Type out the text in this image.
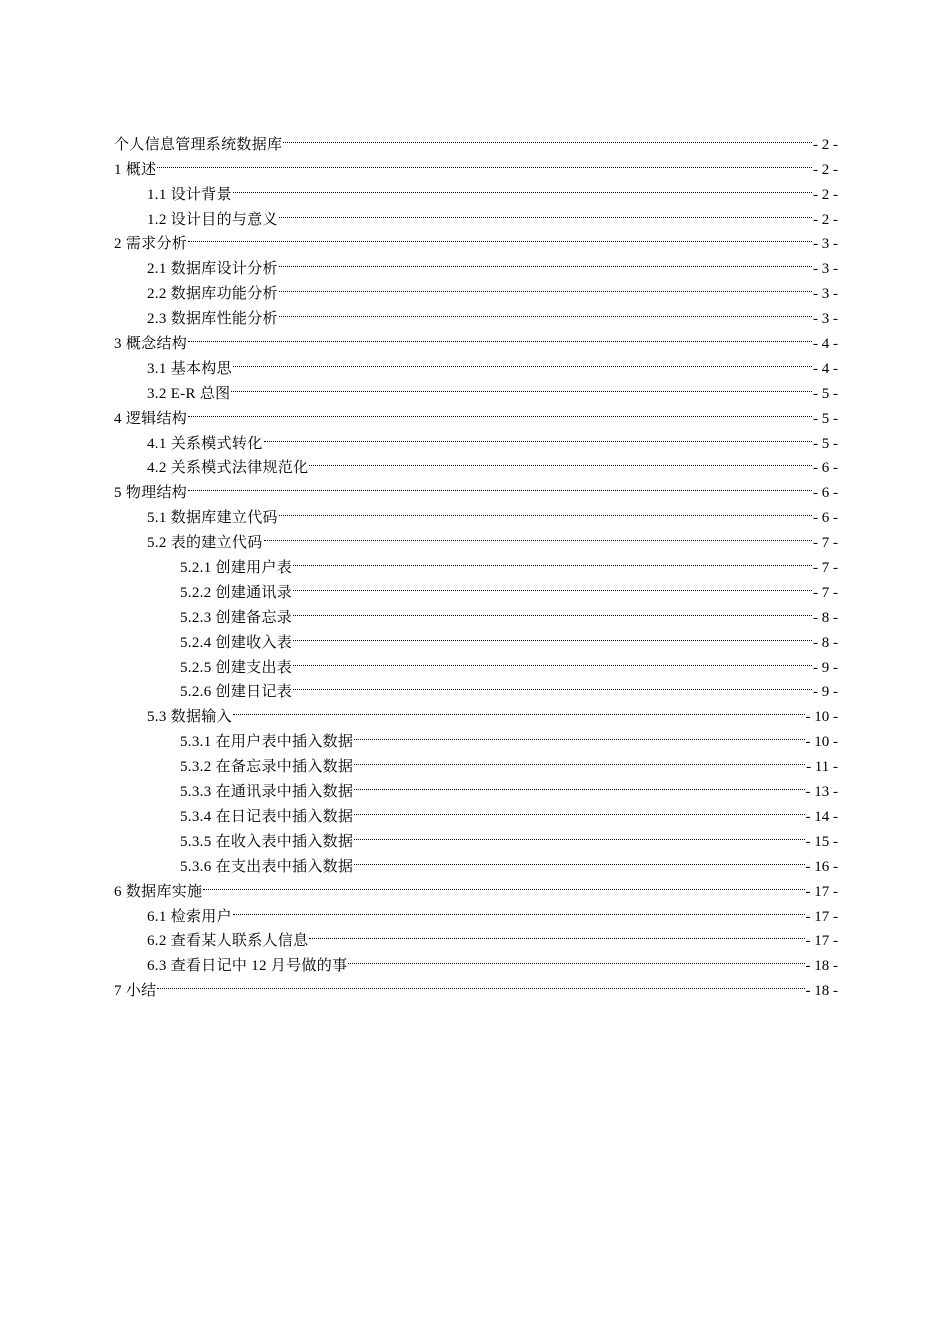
个人信息管理系统数据库	- 2 -
1 概述	- 2 -
1.1 设计背景	- 2 -
1.2 设计目的与意义	- 2 -
2 需求分析	- 3 -
2.1 数据库设计分析	- 3 -
2.2 数据库功能分析	- 3 -
2.3 数据库性能分析	- 3 -
3 概念结构	- 4 -
3.1 基本构思	- 4 -
3.2 E-R 总图	- 5 -
4 逻辑结构	- 5 -
4.1 关系模式转化	- 5 -
4.2 关系模式法律规范化	- 6 -
5 物理结构	- 6 -
5.1 数据库建立代码	- 6 -
5.2 表的建立代码	- 7 -
5.2.1 创建用户表	- 7 -
5.2.2 创建通讯录	- 7 -
5.2.3 创建备忘录	- 8 -
5.2.4 创建收入表	- 8 -
5.2.5 创建支出表	- 9 -
5.2.6 创建日记表	- 9 -
5.3 数据输入	- 10 -
5.3.1 在用户表中插入数据	- 10 -
5.3.2 在备忘录中插入数据	- 11 -
5.3.3 在通讯录中插入数据	- 13 -
5.3.4 在日记表中插入数据	- 14 -
5.3.5 在收入表中插入数据	- 15 -
5.3.6 在支出表中插入数据	- 16 -
6 数据库实施	- 17 -
6.1 检索用户	- 17 -
6.2 查看某人联系人信息	- 17 -
6.3 查看日记中 12 月号做的事	- 18 -
7 小结	- 18 -
